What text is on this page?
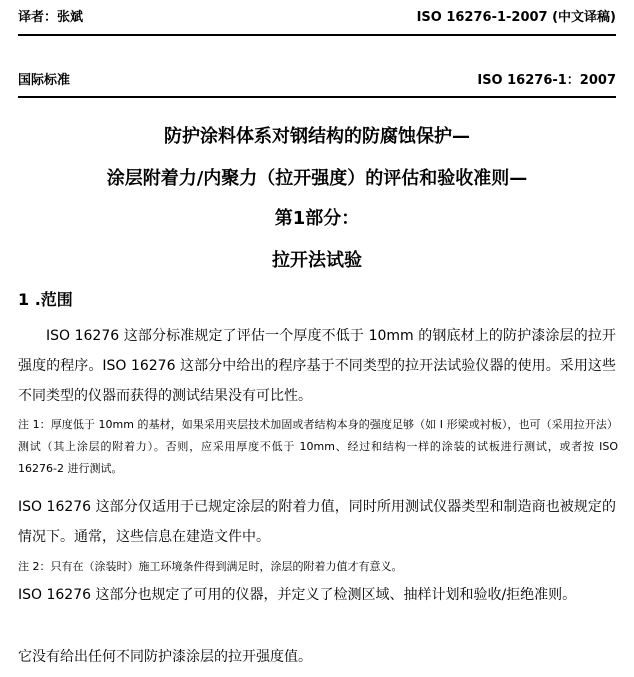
译者：张斌	ISO 16276-1-2007 (中文译稿)
国际标准	ISO 16276-1：2007
防护涂料体系对钢结构的防腐蚀保护—
涂层附着力/内聚力（拉开强度）的评估和验收准则—
第1部分：
拉开法试验
1 .范围
ISO 16276 这部分标准规定了评估一个厚度不低于 10mm 的钢底材上的防护漆涂层的拉开强度的程序。ISO 16276 这部分中给出的程序基于不同类型的拉开法试验仪器的使用。采用这些不同类型的仪器而获得的测试结果没有可比性。
注 1：厚度低于 10mm 的基材，如果采用夹层技术加固或者结构本身的强度足够（如 I 形梁或衬板），也可（采用拉开法）测试（其上涂层的附着力）。否则，应采用厚度不低于 10mm、经过和结构一样的涂装的试板进行测试，或者按 ISO 16276-2 进行测试。
ISO 16276 这部分仅适用于已规定涂层的附着力值，同时所用测试仪器类型和制造商也被规定的情况下。通常，这些信息在建造文件中。
注 2：只有在（涂装时）施工环境条件得到满足时，涂层的附着力值才有意义。
ISO 16276 这部分也规定了可用的仪器，并定义了检测区域、抽样计划和验收/拒绝准则。
它没有给出任何不同防护漆涂层的拉开强度值。
